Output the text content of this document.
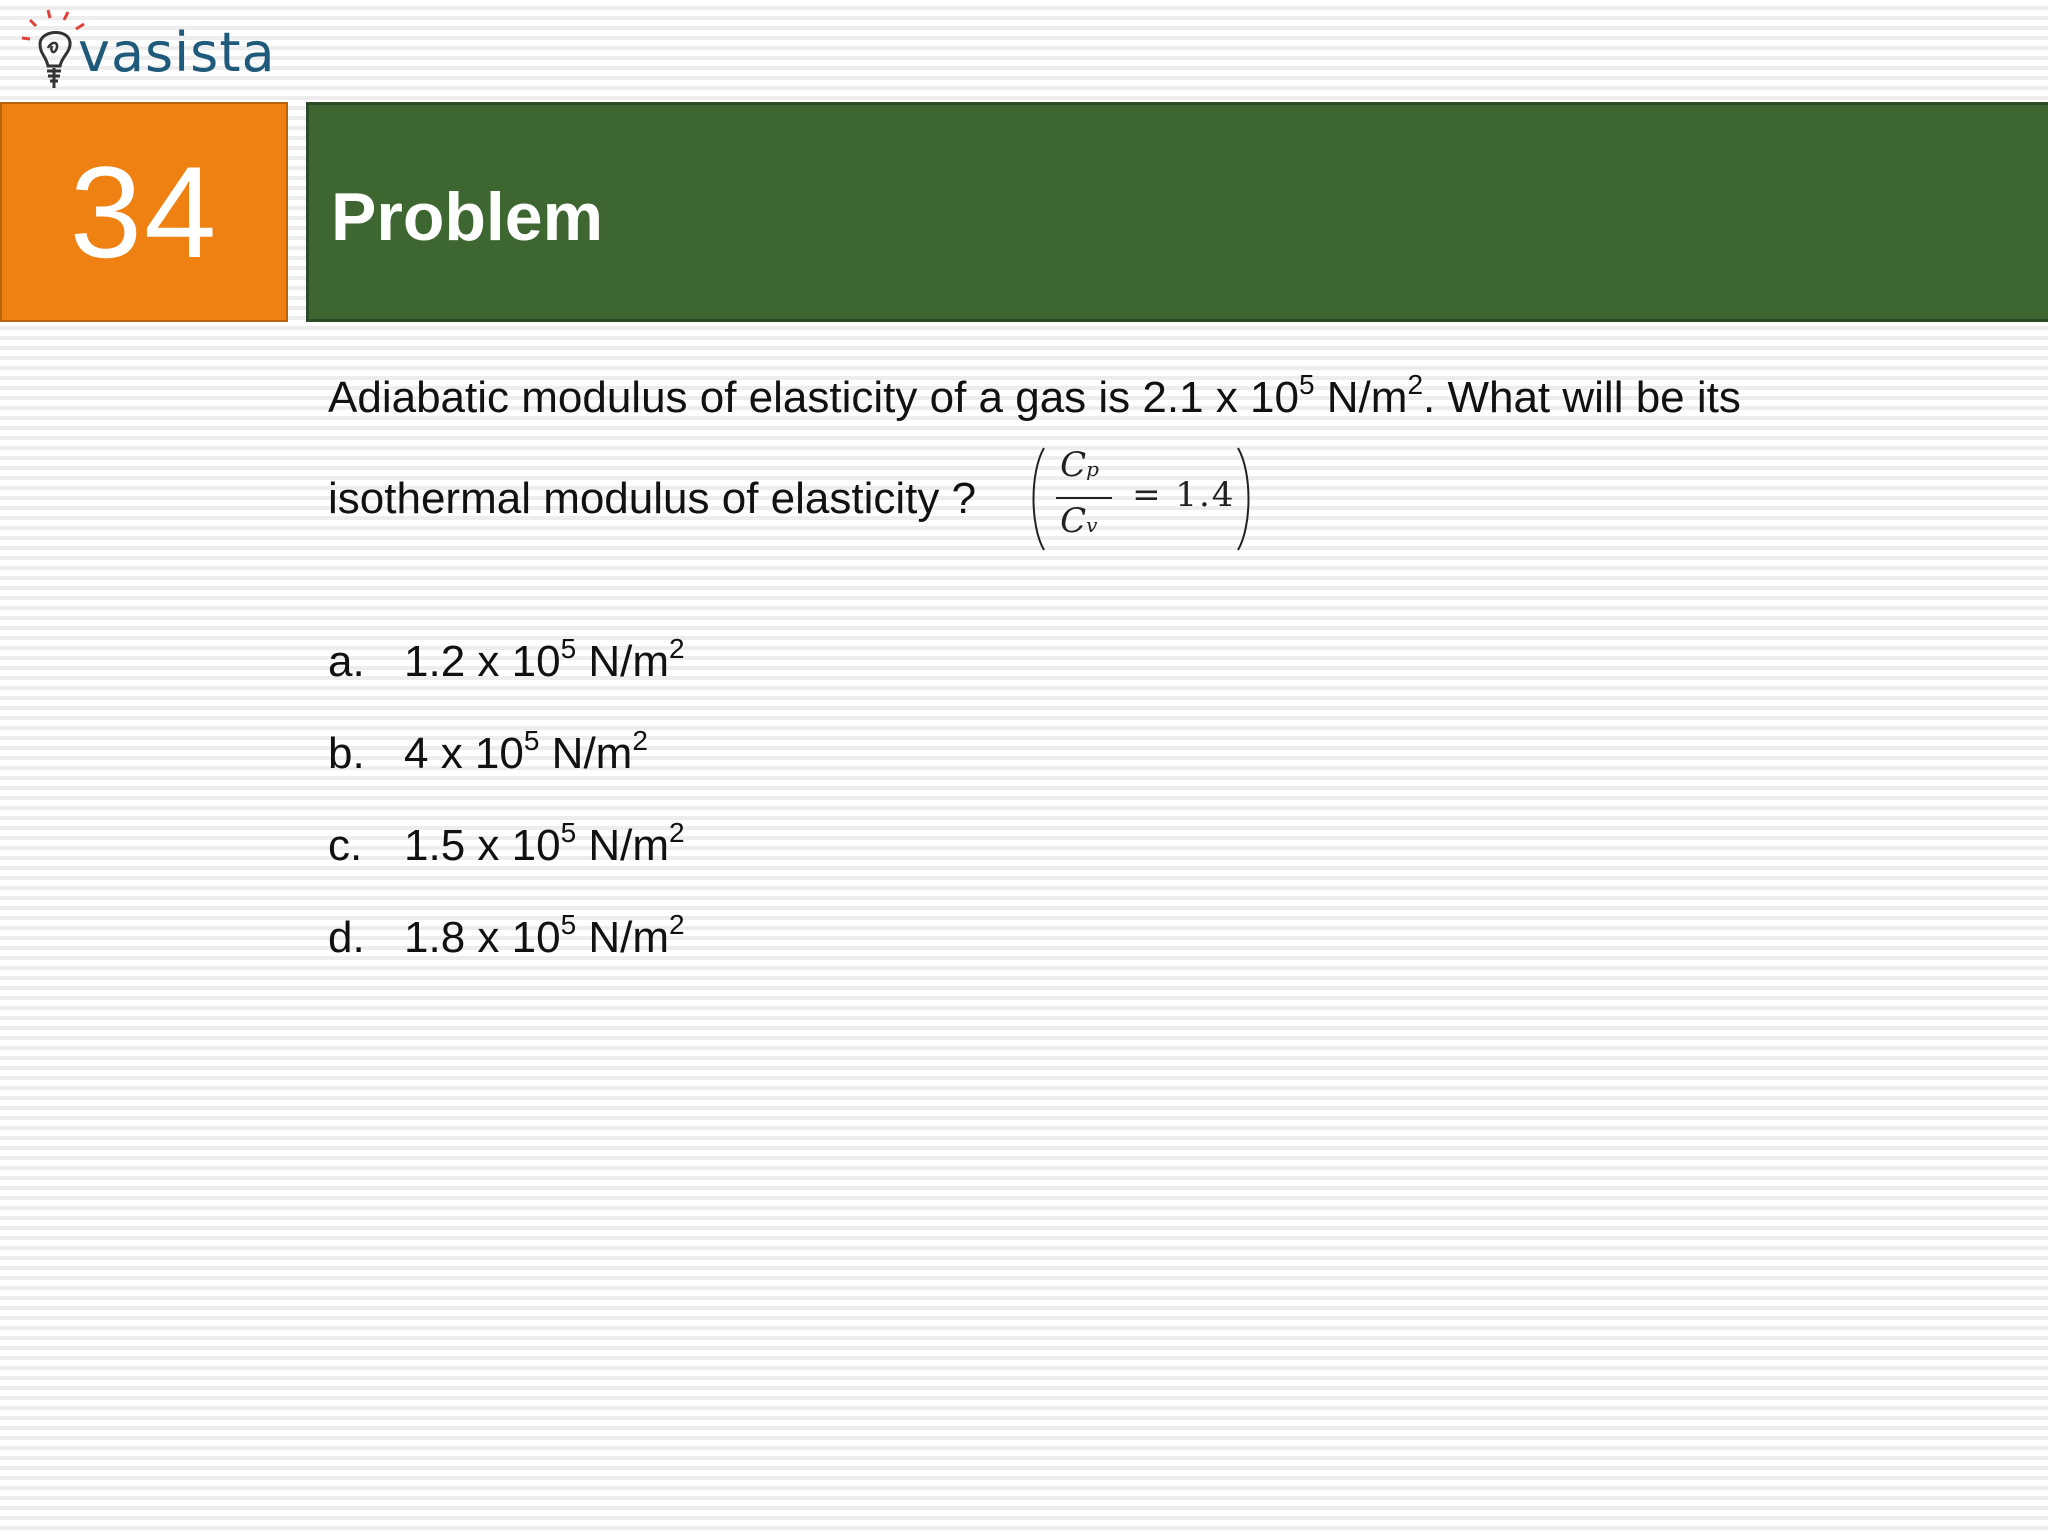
vasista
34 Problem
Adiabatic modulus of elasticity of a gas is 2.1 x $10^5$ $N/m^2$. What will be its
isothermal modulus of elasticity ?
Cp
Cv
= 1.4
a. 1.2 x $10^5$ $N/m^2$
b. 4 x $10^5$ $N/m^2$
c. 1.5 x $10^5$ $N/m^2$
d. 1.8 x $10^5$ $N/m^2$
